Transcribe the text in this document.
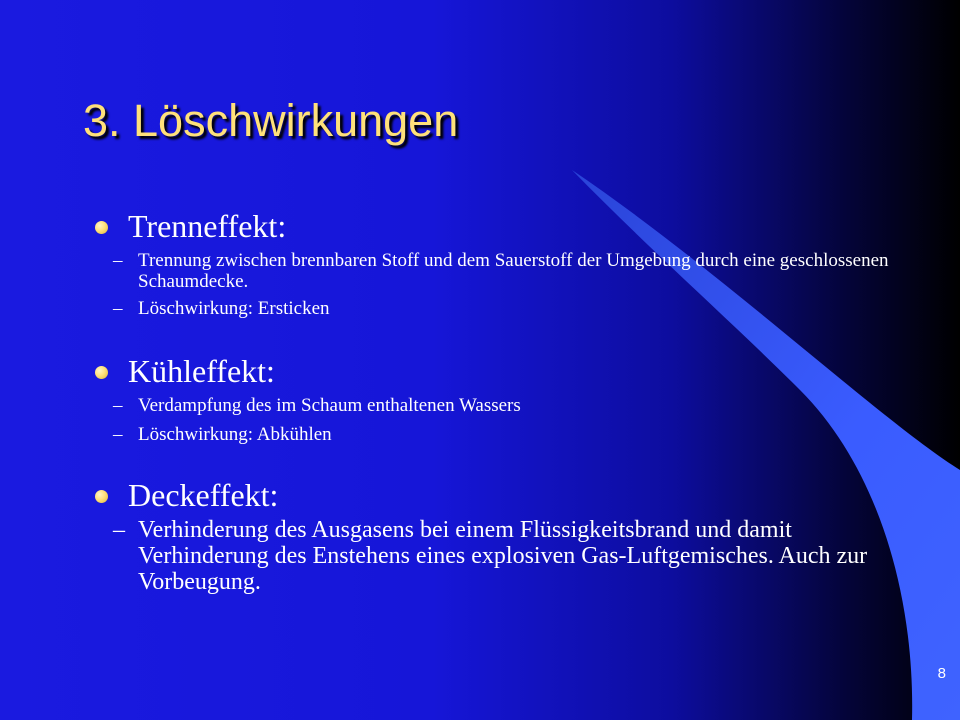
3. Löschwirkungen

Trenneffekt:

– Trennung zwischen brennbaren Stoff und dem Sauerstoff der Umgebung durch eine geschlossenen Schaumdecke.

– Löschwirkung: Ersticken

Kühleffekt:

– Verdampfung des im Schaum enthaltenen Wassers

– Löschwirkung: Abkühlen

Deckeffekt:

– Verhinderung des Ausgasens bei einem Flüssigkeitsbrand und damit Verhinderung des Enstehens eines explosiven Gas-Luftgemisches. Auch zur Vorbeugung.

8
